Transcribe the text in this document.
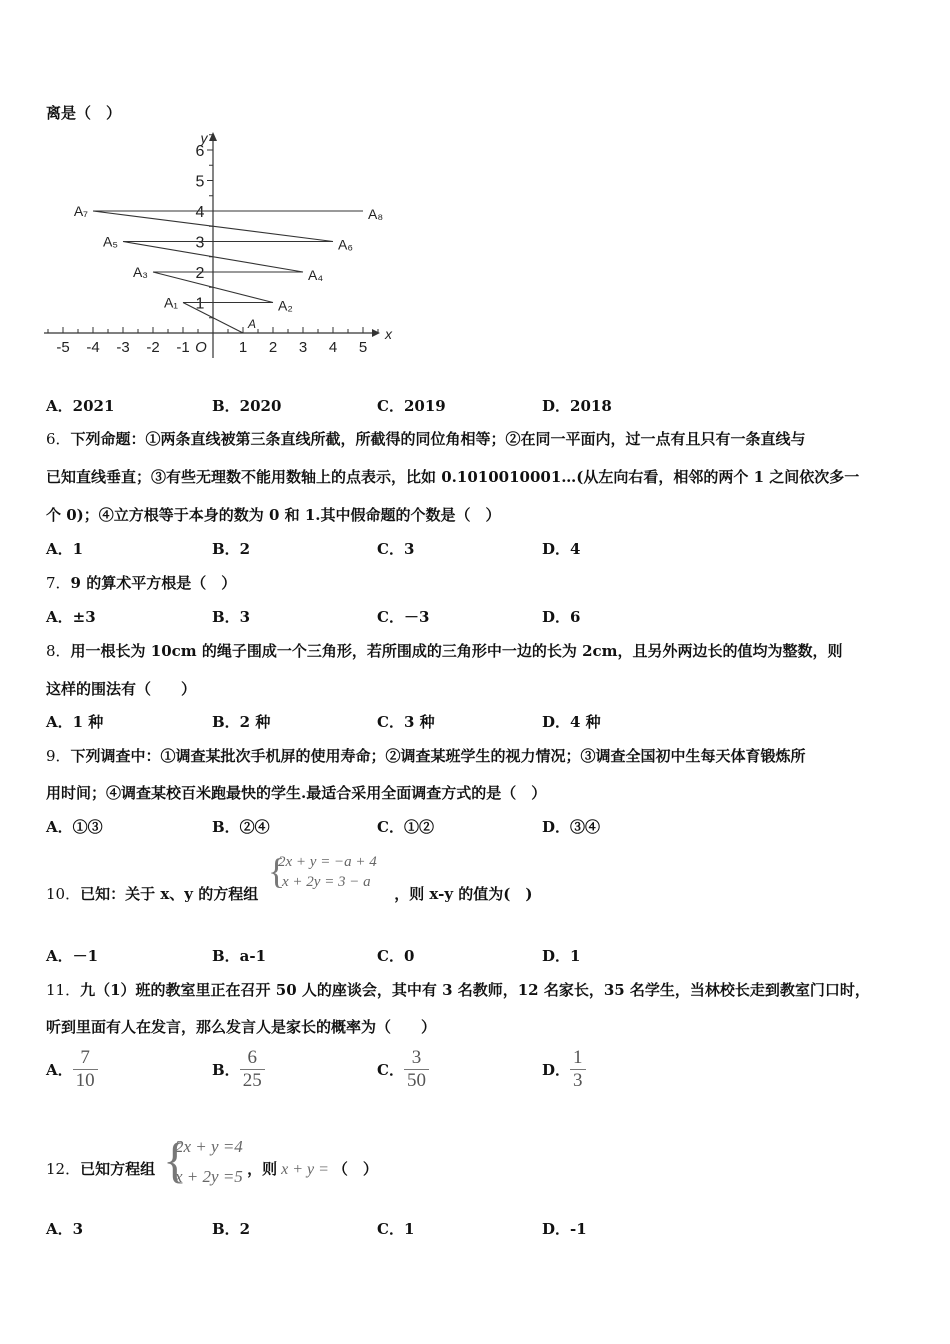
离是（　）
-5 -4 -3 -2 -1	1 2 3 4 5
1
2
3
4
5
6
y
x
O
A
A₁	A₂
A₃	A₄
A₅	A₆
A₇	A₈
A．2021	B．2020	C．2019	D．2018
6．下列命题：①两条直线被第三条直线所截，所截得的同位角相等；②在同一平面内，过一点有且只有一条直线与
已知直线垂直；③有些无理数不能用数轴上的点表示，比如 0.1010010001…(从左向右看，相邻的两个 1 之间依次多一
个 0)；④立方根等于本身的数为 0 和 1.其中假命题的个数是（　）
A．1	B．2	C．3	D．4
7．9 的算术平方根是（　）
A．±3	B．3	C．－3	D．6
8．用一根长为 10cm 的绳子围成一个三角形，若所围成的三角形中一边的长为 2cm，且另外两边长的值均为整数，则
这样的围法有（　　）
A．1 种	B．2 种	C．3 种	D．4 种
9．下列调查中：①调查某批次手机屏的使用寿命；②调查某班学生的视力情况；③调查全国初中生每天体育锻炼所
用时间；④调查某校百米跑最快的学生.最适合采用全面调查方式的是（　）
A．①③	B．②④	C．①②	D．③④
10．已知：关于 x、y 的方程组	，则 x-y 的值为(　)
{
2x + y = −a + 4
x + 2y = 3 − a
A．－1	B．a-1	C．0	D．1
11．九（1）班的教室里正在召开 50 人的座谈会，其中有 3 名教师，12 名家长，35 名学生，当林校长走到教室门口时，
听到里面有人在发言，那么发言人是家长的概率为（　　）
A． $\frac{7}{10}$	B． $\frac{6}{25}$	C． $\frac{3}{50}$	D． $\frac{1}{3}$
12．已知方程组	，则 x + y = （　）
{
2x + y =4
x + 2y =5
A．3	B．2	C．1	D．-1
